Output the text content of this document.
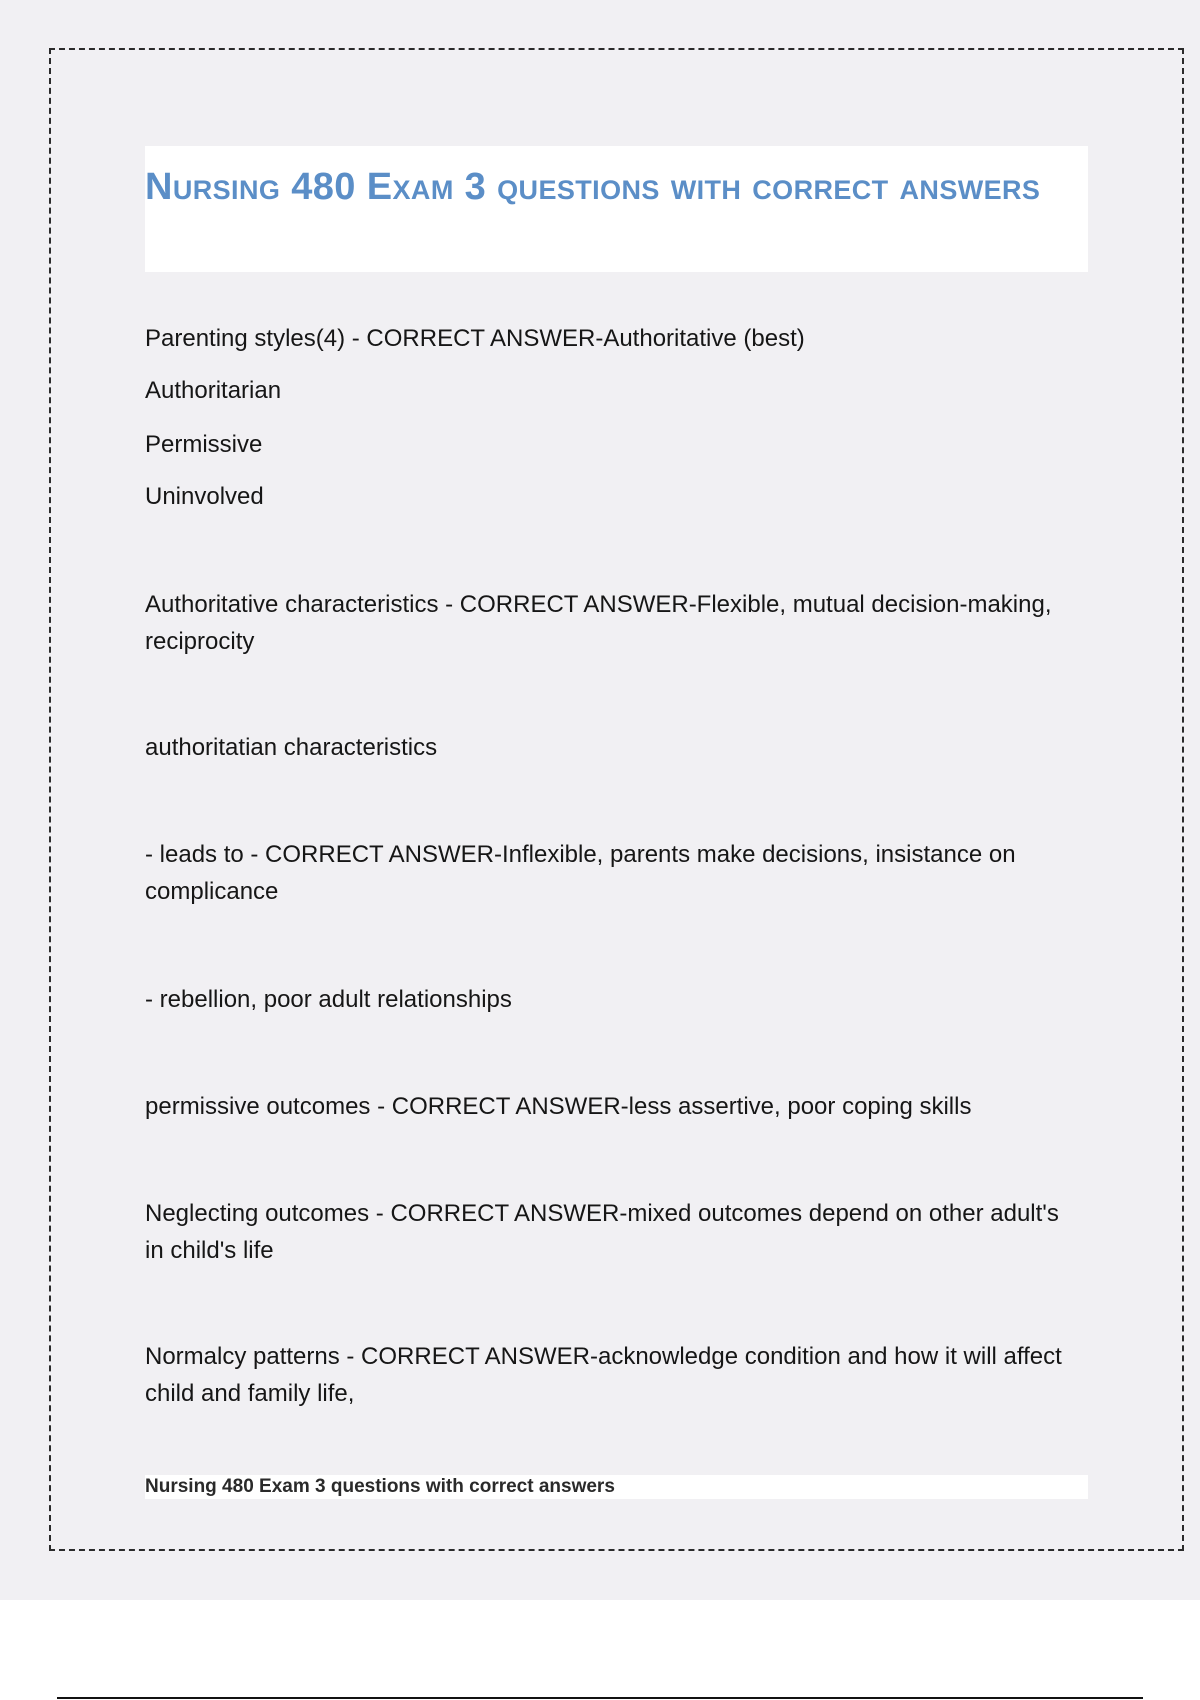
Nursing 480 Exam 3 questions with correct answers
Parenting styles(4) - CORRECT ANSWER-Authoritative (best)
Authoritarian
Permissive
Uninvolved
Authoritative characteristics - CORRECT ANSWER-Flexible, mutual decision-making, reciprocity
authoritatian characteristics
- leads to - CORRECT ANSWER-Inflexible, parents make decisions, insistance on complicance
- rebellion, poor adult relationships
permissive outcomes - CORRECT ANSWER-less assertive, poor coping skills
Neglecting outcomes - CORRECT ANSWER-mixed outcomes depend on other adult's in child's life
Normalcy patterns - CORRECT ANSWER-acknowledge condition and how it will affect child and family life,
Nursing 480 Exam 3 questions with correct answers
